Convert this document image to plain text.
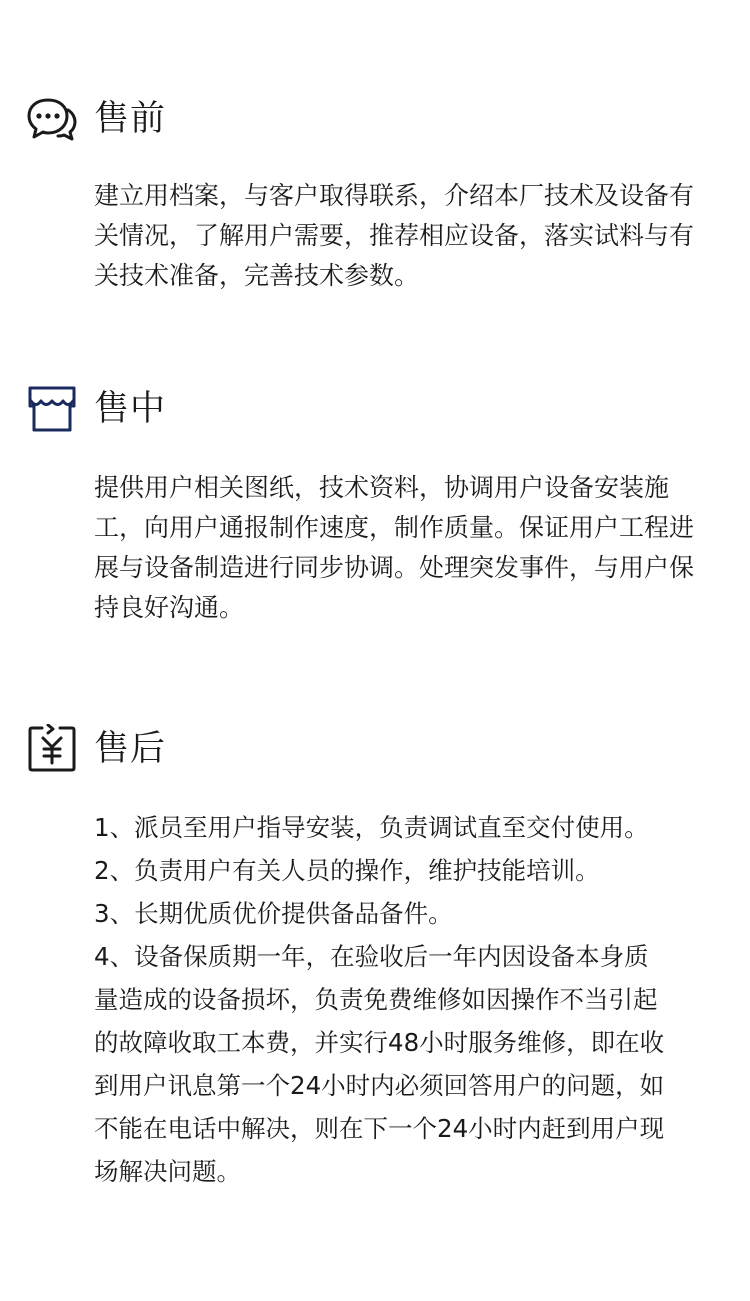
售前

建立用档案，与客户取得联系，介绍本厂技术及设备有关情况，了解用户需要，推荐相应设备，落实试料与有关技术准备，完善技术参数。

售中

提供用户相关图纸，技术资料，协调用户设备安装施工，向用户通报制作速度，制作质量。保证用户工程进展与设备制造进行同步协调。处理突发事件，与用户保持良好沟通。

售后

1、派员至用户指导安装，负责调试直至交付使用。

2、负责用户有关人员的操作，维护技能培训。

3、长期优质优价提供备品备件。

4、设备保质期一年，在验收后一年内因设备本身质量造成的设备损坏，负责免费维修如因操作不当引起的故障收取工本费，并实行48小时服务维修，即在收到用户讯息第一个24小时内必须回答用户的问题，如不能在电话中解决，则在下一个24小时内赶到用户现场解决问题。
